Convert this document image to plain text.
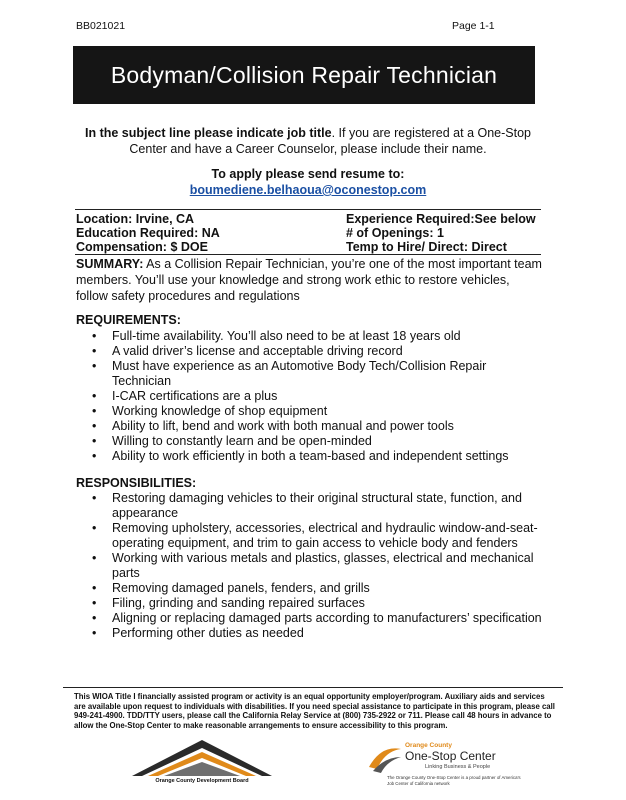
BB021021	Page 1-1
Bodyman/Collision Repair Technician
In the subject line please indicate job title. If you are registered at a One-Stop Center and have a Career Counselor, please include their name.
To apply please send resume to:
boumediene.belhaoua@oconestop.com
Location: Irvine, CA
Education Required: NA
Compensation: $ DOE
Experience Required:See below
# of Openings: 1
Temp to Hire/ Direct: Direct
SUMMARY: As a Collision Repair Technician, you’re one of the most important team members. You’ll use your knowledge and strong work ethic to restore vehicles, follow safety procedures and regulations
REQUIREMENTS:
• Full-time availability. You’ll also need to be at least 18 years old
• A valid driver’s license and acceptable driving record
• Must have experience as an Automotive Body Tech/Collision Repair Technician
• I-CAR certifications are a plus
• Working knowledge of shop equipment
• Ability to lift, bend and work with both manual and power tools
• Willing to constantly learn and be open-minded
• Ability to work efficiently in both a team-based and independent settings
RESPONSIBILITIES:
• Restoring damaging vehicles to their original structural state, function, and appearance
• Removing upholstery, accessories, electrical and hydraulic window-and-seat-operating equipment, and trim to gain access to vehicle body and fenders
• Working with various metals and plastics, glasses, electrical and mechanical parts
• Removing damaged panels, fenders, and grills
• Filing, grinding and sanding repaired surfaces
• Aligning or replacing damaged parts according to manufacturers’ specification
• Performing other duties as needed
This WIOA Title I financially assisted program or activity is an equal opportunity employer/program. Auxiliary aids and services are available upon request to individuals with disabilities. If you need special assistance to participate in this program, please call 949-241-4900. TDD/TTY users, please call the California Relay Service at (800) 735-2922 or 711. Please call 48 hours in advance to allow the One-Stop Center to make reasonable arrangements to ensure accessibility to this program.
Orange County Development Board
Orange County
One-Stop Center
Linking Business & People
The Orange County One-Stop Center is a proud partner of America's Job Center of California network
